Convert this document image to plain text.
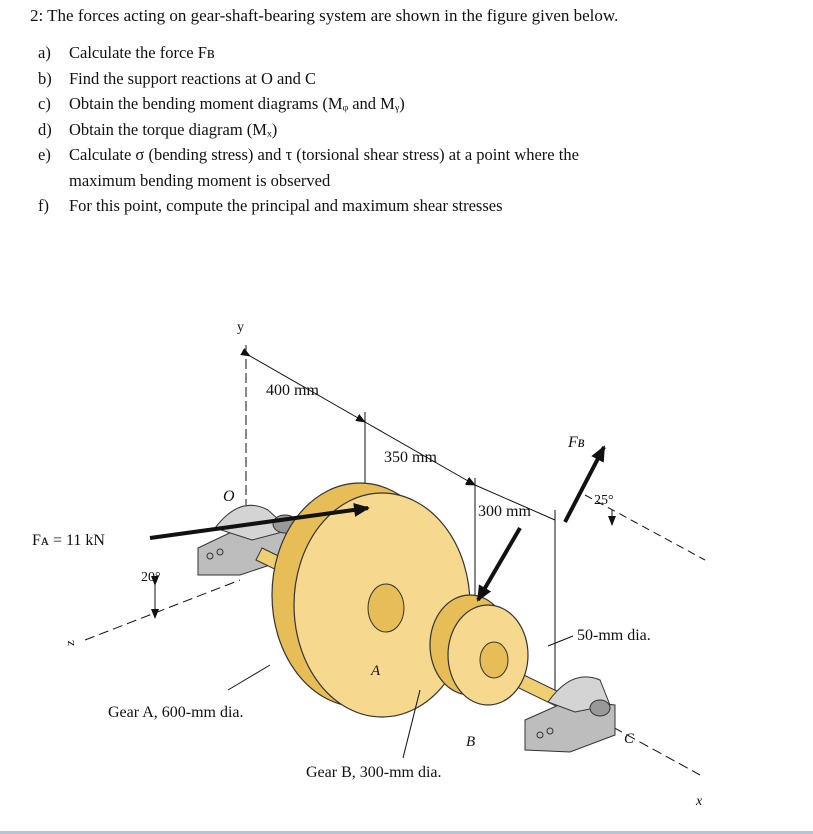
2: The forces acting on gear-shaft-bearing system are shown in the figure given below.
a)	Calculate the force Fʙ
b)	Find the support reactions at O and C
c)	Obtain the bending moment diagrams (Mᵩ and Mᵧ)
d)	Obtain the torque diagram (Mₓ)
e)	Calculate σ (bending stress) and τ (torsional shear stress) at a point where the
maximum bending moment is observed
f)	For this point, compute the principal and maximum shear stresses
y
z
x
O
A
B	C
400 mm
350 mm
300 mm
Fᴀ = 11 kN
Fʙ
20°
25°
50-mm dia.
Gear A, 600-mm dia.
Gear B, 300-mm dia.
